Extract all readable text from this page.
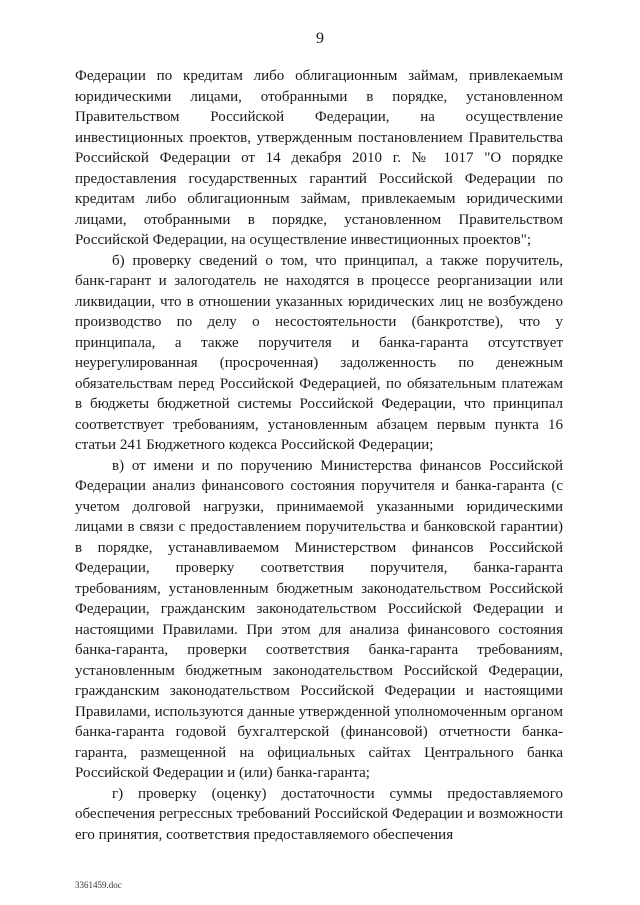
9

Федерации по кредитам либо облигационным займам, привлекаемым юридическими лицами, отобранными в порядке, установленном Правительством Российской Федерации, на осуществление инвестиционных проектов, утвержденным постановлением Правительства Российской Федерации от 14 декабря 2010 г. № 1017 "О порядке предоставления государственных гарантий Российской Федерации по кредитам либо облигационным займам, привлекаемым юридическими лицами, отобранными в порядке, установленном Правительством Российской Федерации, на осуществление инвестиционных проектов";

б) проверку сведений о том, что принципал, а также поручитель, банк-гарант и залогодатель не находятся в процессе реорганизации или ликвидации, что в отношении указанных юридических лиц не возбуждено производство по делу о несостоятельности (банкротстве), что у принципала, а также поручителя и банка-гаранта отсутствует неурегулированная (просроченная) задолженность по денежным обязательствам перед Российской Федерацией, по обязательным платежам в бюджеты бюджетной системы Российской Федерации, что принципал соответствует требованиям, установленным абзацем первым пункта 16 статьи 241 Бюджетного кодекса Российской Федерации;

в) от имени и по поручению Министерства финансов Российской Федерации анализ финансового состояния поручителя и банка-гаранта (с учетом долговой нагрузки, принимаемой указанными юридическими лицами в связи с предоставлением поручительства и банковской гарантии) в порядке, устанавливаемом Министерством финансов Российской Федерации, проверку соответствия поручителя, банка-гаранта требованиям, установленным бюджетным законодательством Российской Федерации, гражданским законодательством Российской Федерации и настоящими Правилами. При этом для анализа финансового состояния банка-гаранта, проверки соответствия банка-гаранта требованиям, установленным бюджетным законодательством Российской Федерации, гражданским законодательством Российской Федерации и настоящими Правилами, используются данные утвержденной уполномоченным органом банка-гаранта годовой бухгалтерской (финансовой) отчетности банка-гаранта, размещенной на официальных сайтах Центрального банка Российской Федерации и (или) банка-гаранта;

г) проверку (оценку) достаточности суммы предоставляемого обеспечения регрессных требований Российской Федерации и возможности его принятия, соответствия предоставляемого обеспечения

3361459.doc
